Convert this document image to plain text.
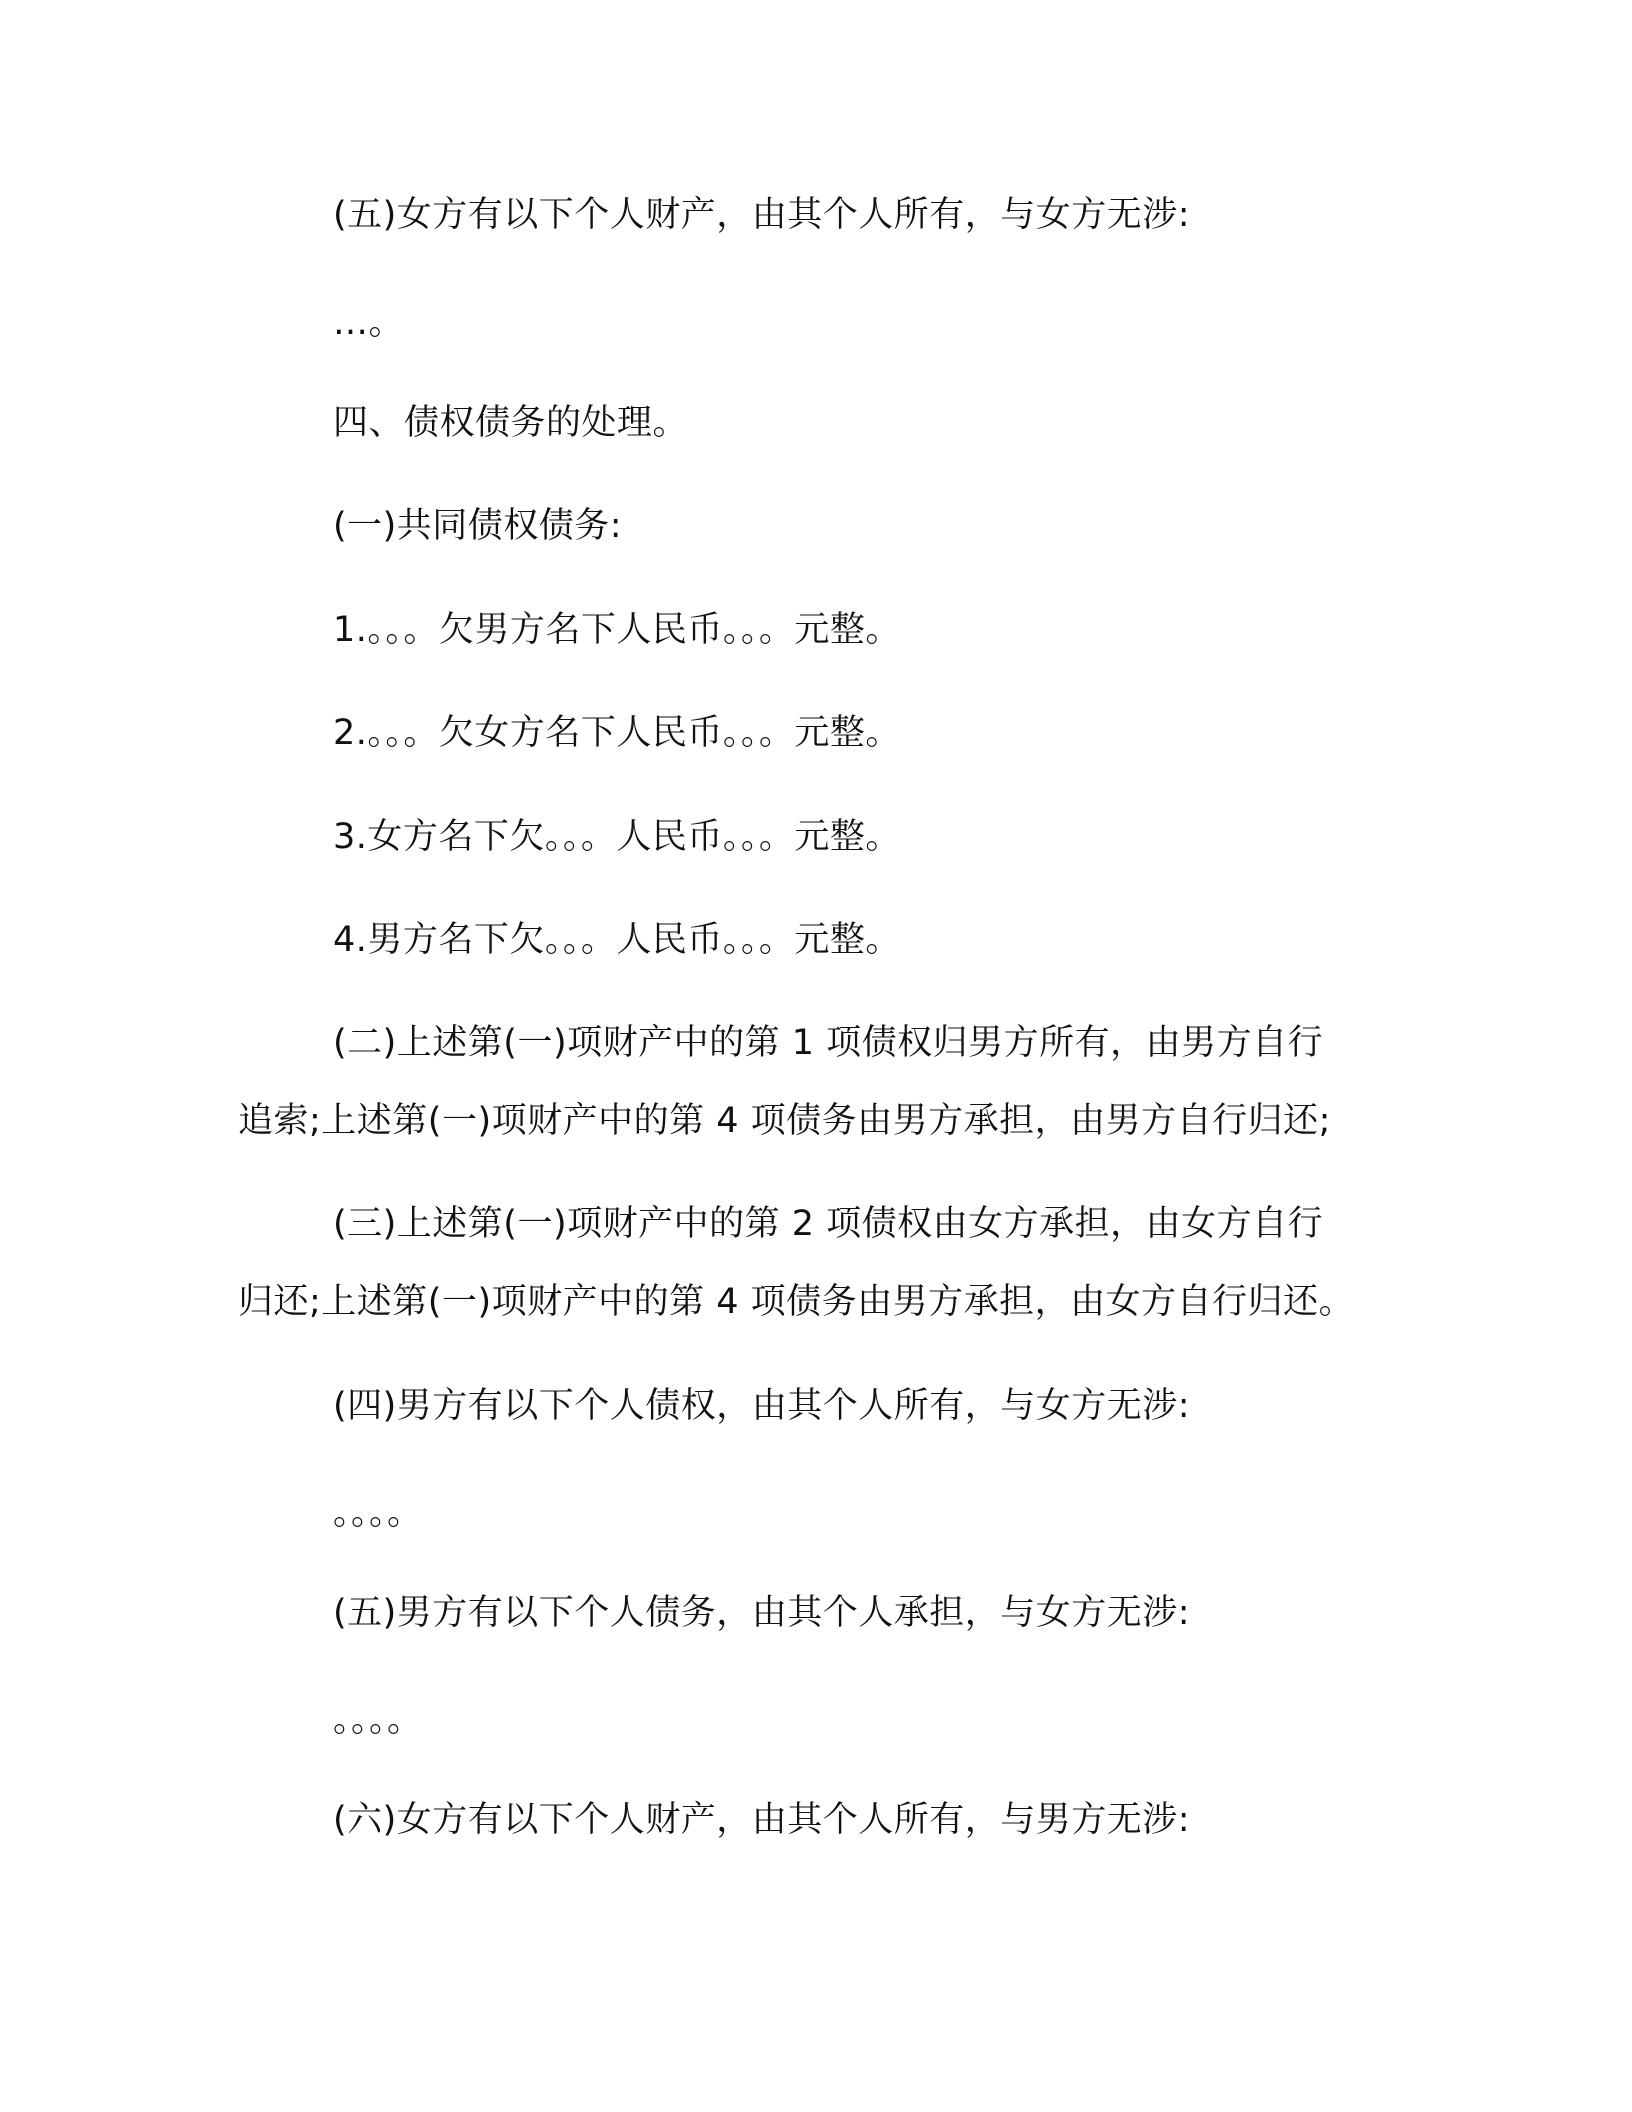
(五)女方有以下个人财产，由其个人所有，与女方无涉:
…。
四、债权债务的处理。
(一)共同债权债务:
1.。。。欠男方名下人民币。。。元整。
2.。。。欠女方名下人民币。。。元整。
3.女方名下欠。。。人民币。。。元整。
4.男方名下欠。。。人民币。。。元整。
(二)上述第(一)项财产中的第 1 项债权归男方所有，由男方自行
追索;上述第(一)项财产中的第 4 项债务由男方承担，由男方自行归还;
(三)上述第(一)项财产中的第 2 项债权由女方承担，由女方自行
归还;上述第(一)项财产中的第 4 项债务由男方承担，由女方自行归还。
(四)男方有以下个人债权，由其个人所有，与女方无涉:
。。。。
(五)男方有以下个人债务，由其个人承担，与女方无涉:
。。。。
(六)女方有以下个人财产，由其个人所有，与男方无涉:
